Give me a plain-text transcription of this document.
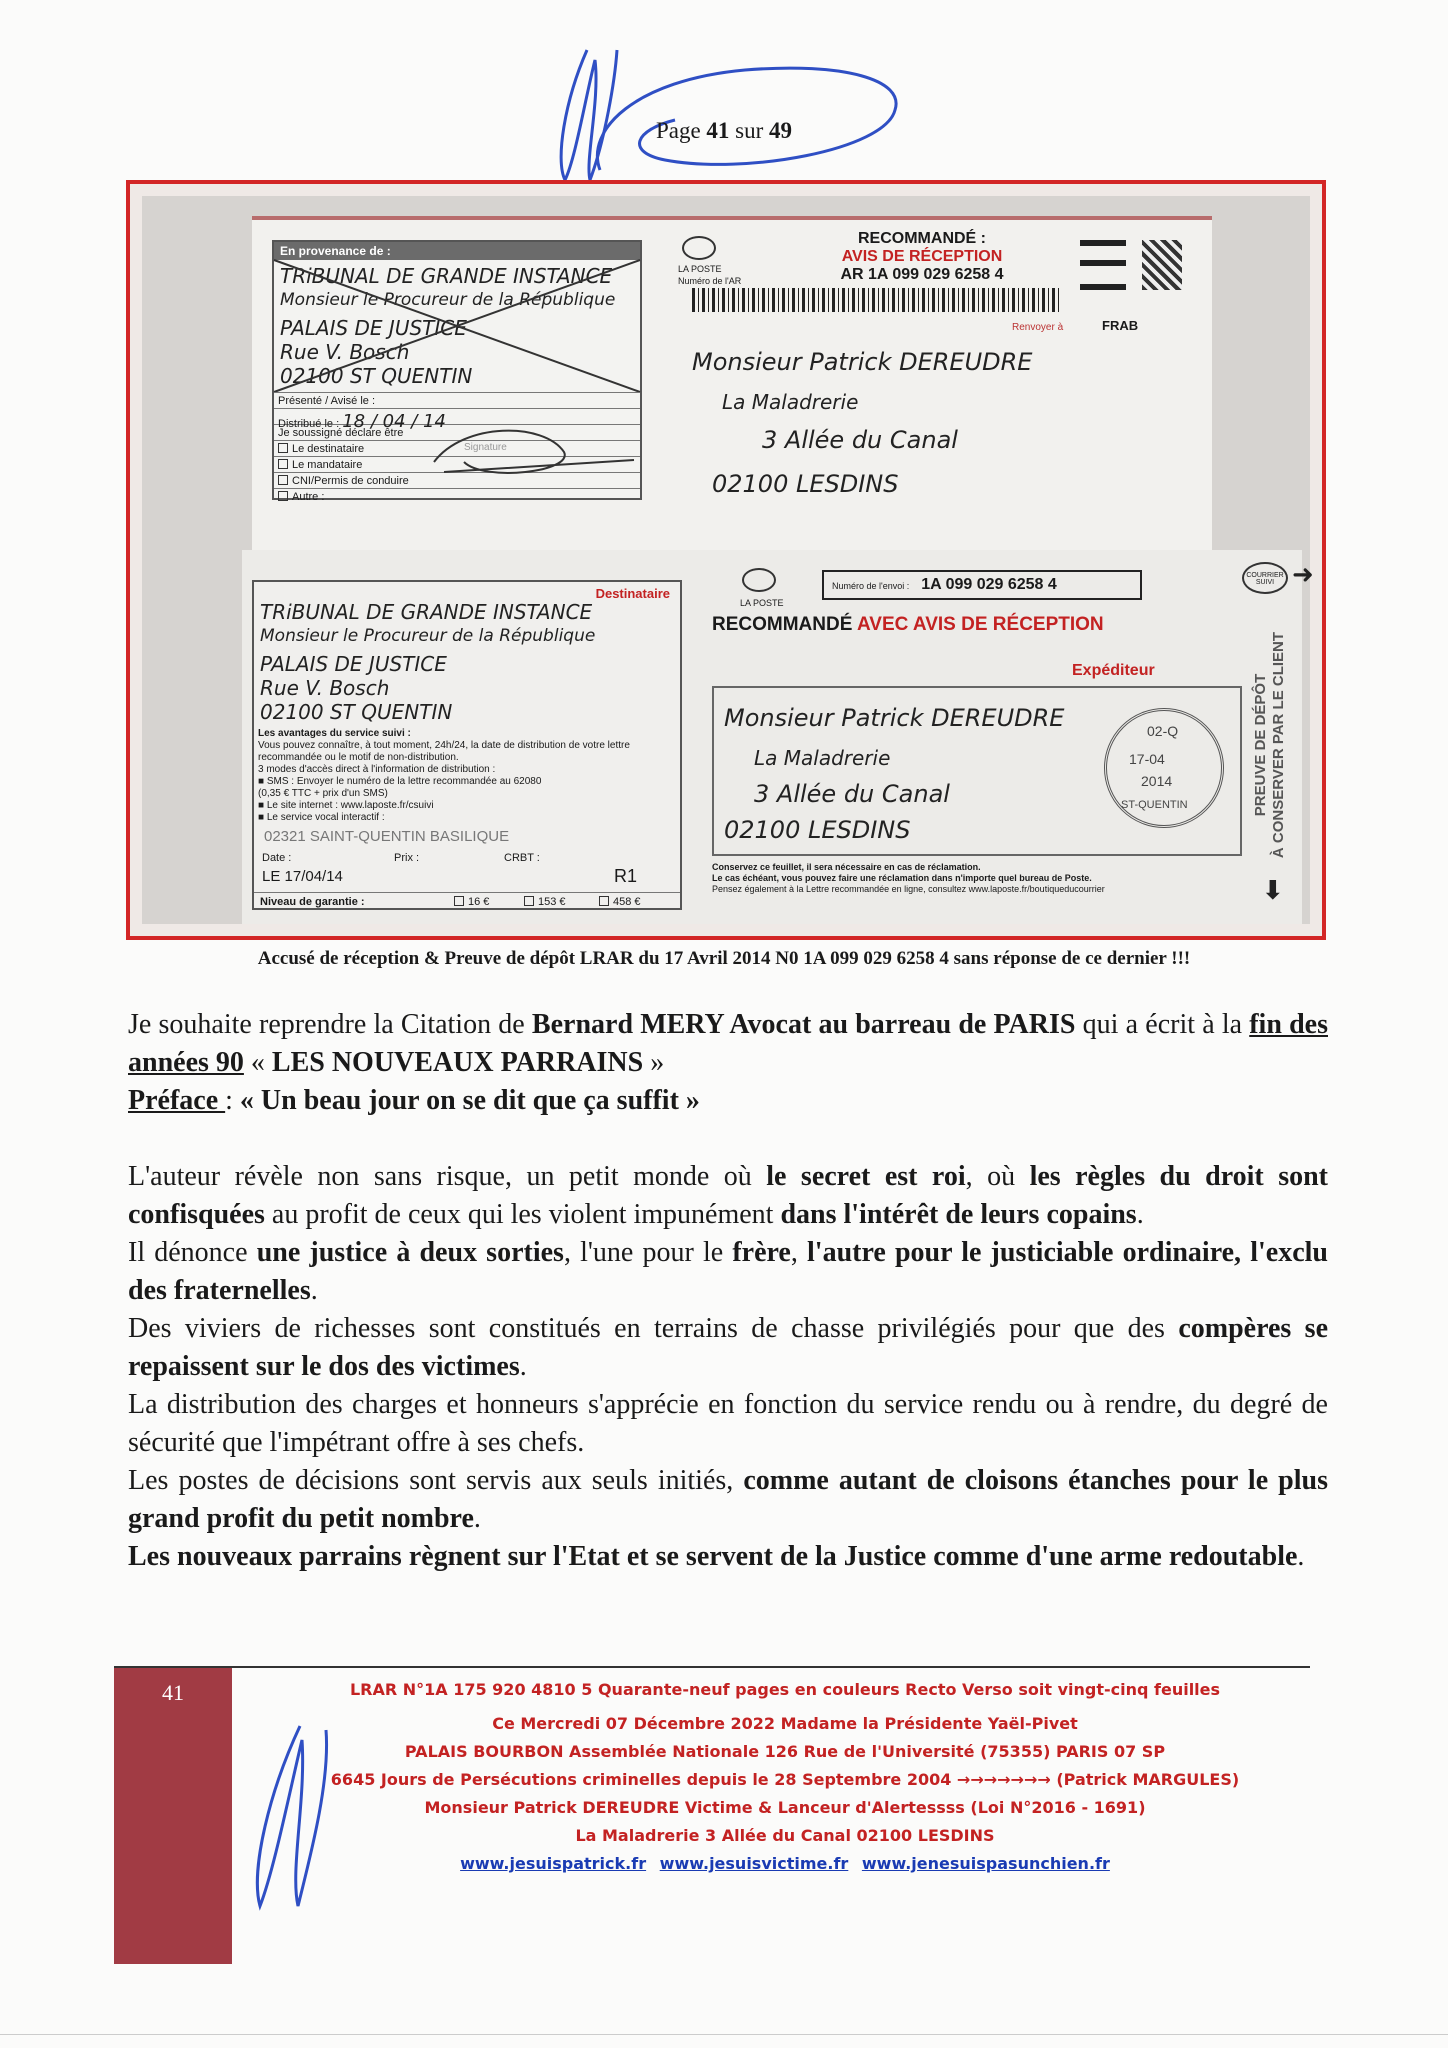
Page 41 sur 49
En provenance de :
TRiBUNAL DE GRANDE INSTANCE
Monsieur le Procureur de la République
PALAIS DE JUSTICE
Rue V. Bosch
02100 ST QUENTIN
Présenté / Avisé le :
Distribué le : 18 / 04 / 14
Je soussigné déclare être
Le destinataire
Le mandataire
CNI/Permis de conduire
Autre :
Signature
LA POSTE
Numéro de l'AR
RECOMMANDÉ :
AVIS DE RÉCEPTION
AR 1A 099 029 6258 4
Renvoyer à	FRAB
Monsieur Patrick DEREUDRE
La Maladrerie
3 Allée du Canal
02100 LESDINS
Destinataire
TRiBUNAL DE GRANDE INSTANCE
Monsieur le Procureur de la République
PALAIS DE JUSTICE
Rue V. Bosch
02100 ST QUENTIN
Les avantages du service suivi :
Vous pouvez connaître, à tout moment, 24h/24, la date de distribution de votre lettre recommandée ou le motif de non-distribution.
3 modes d'accès direct à l'information de distribution :
■ SMS : Envoyer le numéro de la lettre recommandée au 62080
(0,35 € TTC + prix d'un SMS)
■ Le site internet : www.laposte.fr/csuivi
■ Le service vocal interactif :
02321 SAINT-QUENTIN BASILIQUE
Date :
LE 17/04/14
Prix :	CRBT :
R1
Niveau de garantie :	16 €	153 €	458 €
LA POSTE
Numéro de l'envoi : 1A 099 029 6258 4
RECOMMANDÉ AVEC AVIS DE RÉCEPTION
Expéditeur
Monsieur Patrick DEREUDRE
La Maladrerie
3 Allée du Canal
02100 LESDINS
02-Q
17-04
2014
ST-QUENTIN
Conservez ce feuillet, il sera nécessaire en cas de réclamation.
Le cas échéant, vous pouvez faire une réclamation dans n'importe quel bureau de Poste.
Pensez également à la Lettre recommandée en ligne, consultez www.laposte.fr/boutiqueducourrier
COURRIER SUIVI ➜
PREUVE DE DÉPÔT
À CONSERVER PAR LE CLIENT
⬇
Accusé de réception & Preuve de dépôt LRAR du 17 Avril 2014 N0 1A 099 029 6258 4 sans réponse de ce dernier !!!

Je souhaite reprendre la Citation de Bernard MERY Avocat au barreau de PARIS qui a écrit à la fin des années 90 « LES NOUVEAUX PARRAINS »

Préface : « Un beau jour on se dit que ça suffit »

L'auteur révèle non sans risque, un petit monde où le secret est roi, où les règles du droit sont confisquées au profit de ceux qui les violent impunément dans l'intérêt de leurs copains.

Il dénonce une justice à deux sorties, l'une pour le frère, l'autre pour le justiciable ordinaire, l'exclu des fraternelles.

Des viviers de richesses sont constitués en terrains de chasse privilégiés pour que des compères se repaissent sur le dos des victimes.

La distribution des charges et honneurs s'apprécie en fonction du service rendu ou à rendre, du degré de sécurité que l'impétrant offre à ses chefs.

Les postes de décisions sont servis aux seuls initiés, comme autant de cloisons étanches pour le plus grand profit du petit nombre.

Les nouveaux parrains règnent sur l'Etat et se servent de la Justice comme d'une arme redoutable.

41	LRAR N°1A 175 920 4810 5 Quarante-neuf pages en couleurs Recto Verso soit vingt-cinq feuilles
Ce Mercredi 07 Décembre 2022 Madame la Présidente Yaël-Pivet
PALAIS BOURBON Assemblée Nationale 126 Rue de l'Université (75355) PARIS 07 SP
6645 Jours de Persécutions criminelles depuis le 28 Septembre 2004 →→→→→→→ (Patrick MARGULES)
Monsieur Patrick DEREUDRE Victime & Lanceur d'Alertessss (Loi N°2016 - 1691)
La Maladrerie 3 Allée du Canal 02100 LESDINS
www.jesuispatrick.fr www.jesuisvictime.fr www.jenesuispasunchien.fr
